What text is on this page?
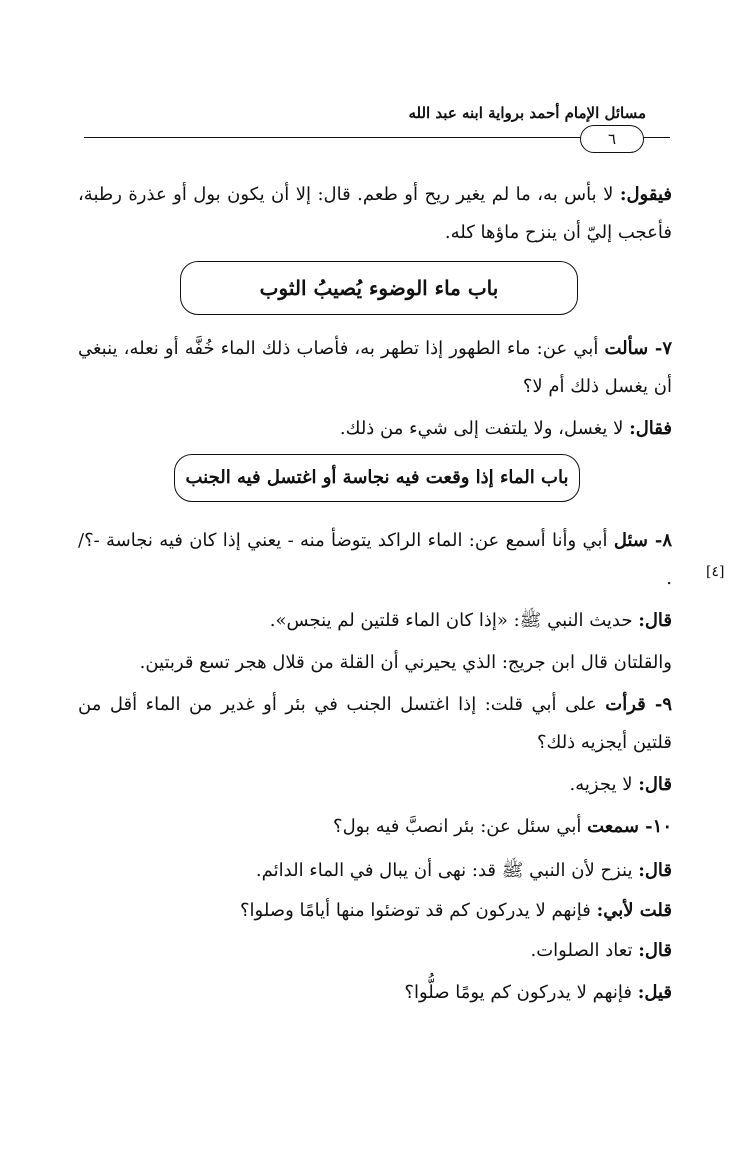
مسائل الإمام أحمد برواية ابنه عبد الله
٦
فيقول: لا بأس به، ما لم يغير ريح أو طعم. قال: إلا أن يكون بول أو عذرة رطبة، فأعجب إليّ أن ينزح ماؤها كله.
باب ماء الوضوء يُصيبُ الثوب
٧- سألت أبي عن: ماء الطهور إذا تطهر به، فأصاب ذلك الماء خُفَّه أو نعله، ينبغي أن يغسل ذلك أم لا؟
فقال: لا يغسل، ولا يلتفت إلى شيء من ذلك.
باب الماء إذا وقعت فيه نجاسة أو اغتسل فيه الجنب
٨- سئل أبي وأنا أسمع عن: الماء الراكد يتوضأ منه - يعني إذا كان فيه نجاسة -؟/ . [٤]
قال: حديث النبي ﷺ: «إذا كان الماء قلتين لم ينجس».
والقلتان قال ابن جريج: الذي يحيرني أن القلة من قلال هجر تسع قربتين.
٩- قرأت على أبي قلت: إذا اغتسل الجنب في بئر أو غدير من الماء أقل من قلتين أيجزيه ذلك؟
قال: لا يجزيه.
١٠- سمعت أبي سئل عن: بئر انصبَّ فيه بول؟
قال: ينزح لأن النبي ﷺ قد: نهى أن يبال في الماء الدائم.
قلت لأبي: فإنهم لا يدركون كم قد توضئوا منها أيامًا وصلوا؟
قال: تعاد الصلوات.
قيل: فإنهم لا يدركون كم يومًا صلُّوا؟
